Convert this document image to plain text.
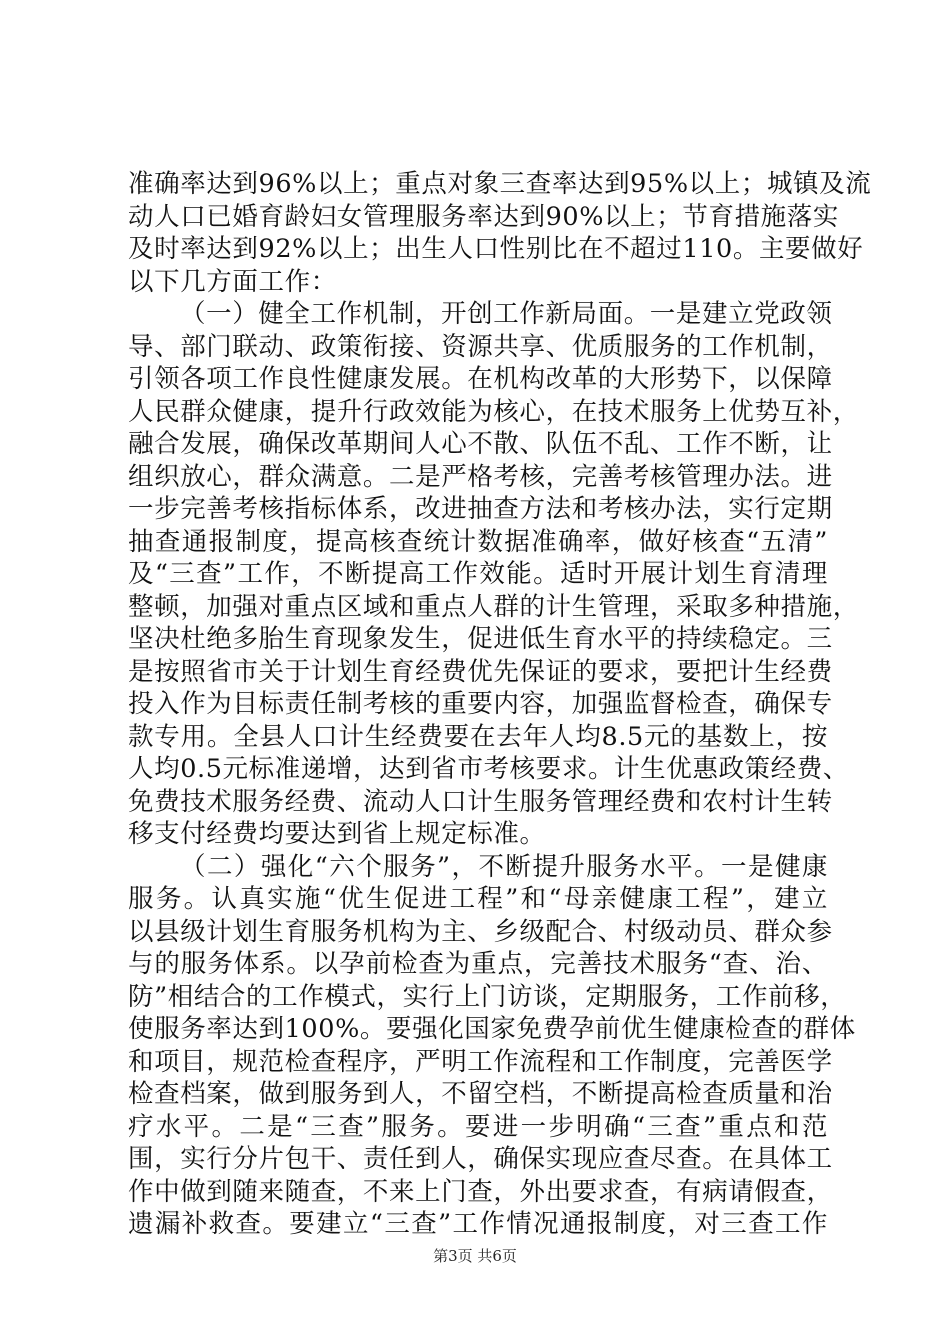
准确率达到96%以上；重点对象三查率达到95%以上；城镇及流
动人口已婚育龄妇女管理服务率达到90%以上；节育措施落实
及时率达到92%以上；出生人口性别比在不超过110。主要做好
以下几方面工作：
（一）健全工作机制，开创工作新局面。一是建立党政领
导、部门联动、政策衔接、资源共享、优质服务的工作机制，
引领各项工作良性健康发展。在机构改革的大形势下，以保障
人民群众健康，提升行政效能为核心，在技术服务上优势互补，
融合发展，确保改革期间人心不散、队伍不乱、工作不断，让
组织放心，群众满意。二是严格考核，完善考核管理办法。进
一步完善考核指标体系，改进抽查方法和考核办法，实行定期
抽查通报制度，提高核查统计数据准确率，做好核查“五清”
及“三查”工作，不断提高工作效能。适时开展计划生育清理
整顿，加强对重点区域和重点人群的计生管理，采取多种措施，
坚决杜绝多胎生育现象发生，促进低生育水平的持续稳定。三
是按照省市关于计划生育经费优先保证的要求，要把计生经费
投入作为目标责任制考核的重要内容，加强监督检查，确保专
款专用。全县人口计生经费要在去年人均8.5元的基数上，按
人均0.5元标准递增，达到省市考核要求。计生优惠政策经费、
免费技术服务经费、流动人口计生服务管理经费和农村计生转
移支付经费均要达到省上规定标准。
（二）强化“六个服务”，不断提升服务水平。一是健康
服务。认真实施“优生促进工程”和“母亲健康工程”，建立
以县级计划生育服务机构为主、乡级配合、村级动员、群众参
与的服务体系。以孕前检查为重点，完善技术服务“查、治、
防”相结合的工作模式，实行上门访谈，定期服务，工作前移，
使服务率达到100%。要强化国家免费孕前优生健康检查的群体
和项目，规范检查程序，严明工作流程和工作制度，完善医学
检查档案，做到服务到人，不留空档，不断提高检查质量和治
疗水平。二是“三查”服务。要进一步明确“三查”重点和范
围，实行分片包干、责任到人，确保实现应查尽查。在具体工
作中做到随来随查，不来上门查，外出要求查，有病请假查，
遗漏补救查。要建立“三查”工作情况通报制度，对三查工作
第3页 共6页
